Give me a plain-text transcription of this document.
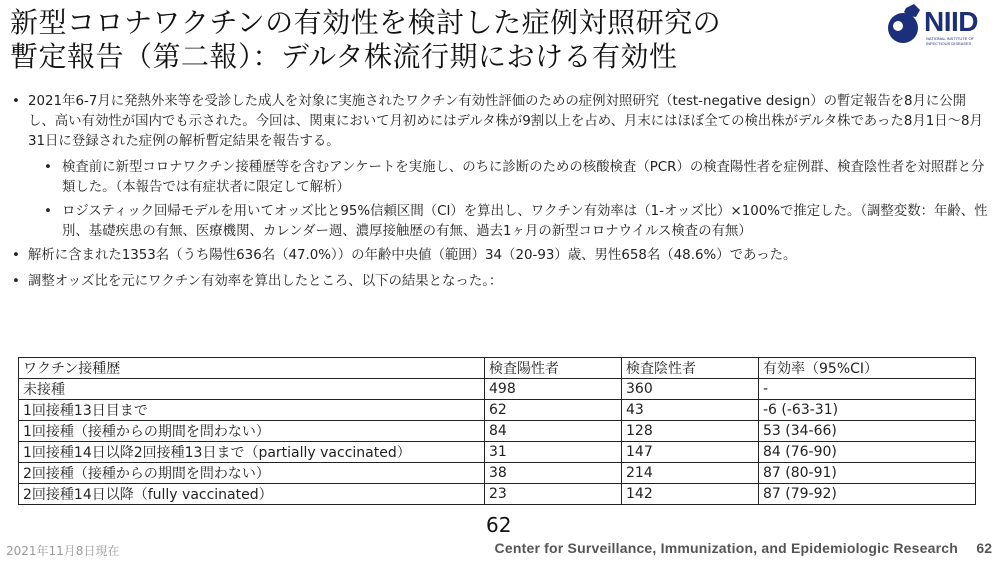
新型コロナワクチンの有効性を検討した症例対照研究の
暫定報告（第二報）：デルタ株流行期における有効性
NIID
NATIONAL INSTITUTE OF INFECTIOUS DISEASES
• 2021年6-7月に発熱外来等を受診した成人を対象に実施されたワクチン有効性評価のための症例対照研究（test-negative design）の暫定報告を8月に公開し、高い有効性が国内でも示された。今回は、関東において月初めにはデルタ株が9割以上を占め、月末にはほぼ全ての検出株がデルタ株であった8月1日～8月31日に登録された症例の解析暫定結果を報告する。
• 検査前に新型コロナワクチン接種歴等を含むアンケートを実施し、のちに診断のための核酸検査（PCR）の検査陽性者を症例群、検査陰性者を対照群と分類した。（本報告では有症状者に限定して解析）
• ロジスティック回帰モデルを用いてオッズ比と95%信頼区間（CI）を算出し、ワクチン有効率は（1-オッズ比）×100%で推定した。（調整変数：年齢、性別、基礎疾患の有無、医療機関、カレンダー週、濃厚接触歴の有無、過去1ヶ月の新型コロナウイルス検査の有無）
• 解析に含まれた1353名（うち陽性636名（47.0%））の年齢中央値（範囲）34（20-93）歳、男性658名（48.6%）であった。
• 調整オッズ比を元にワクチン有効率を算出したところ、以下の結果となった。：
ワクチン接種歴	検査陽性者	検査陰性者	有効率（95%CI）
未接種	498	360	-
1回接種13日目まで	62	43	-6 (-63-31)
1回接種（接種からの期間を問わない）	84	128	53 (34-66)
1回接種14日以降2回接種13日まで（partially vaccinated）	31	147	84 (76-90)
2回接種（接種からの期間を問わない）	38	214	87 (80-91)
2回接種14日以降（fully vaccinated）	23	142	87 (79-92)
62
2021年11月8日現在	Center for Surveillance, Immunization, and Epidemiologic Research 62
